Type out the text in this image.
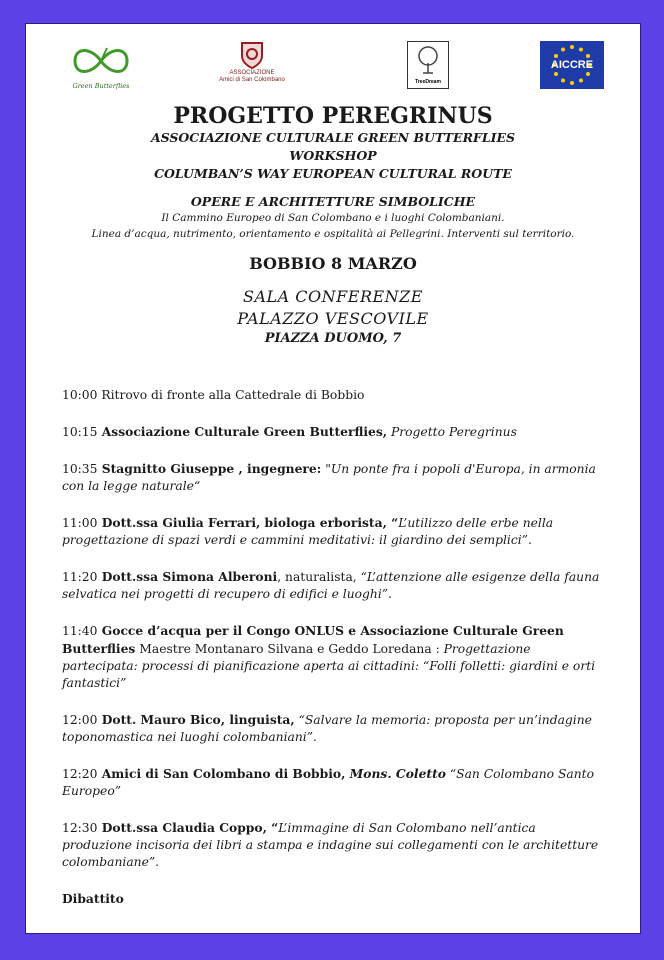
Green Butterflies
ASSOCIAZIONE
Amici di San Colombano	TreeDream
AICCRE
PROGETTO PEREGRINUS
ASSOCIAZIONE CULTURALE GREEN BUTTERFLIES
WORKSHOP
COLUMBAN’S WAY EUROPEAN CULTURAL ROUTE
OPERE E ARCHITETTURE SIMBOLICHE
Il Cammino Europeo di San Colombano e i luoghi Colombaniani.
Linea d’acqua, nutrimento, orientamento e ospitalità ai Pellegrini. Interventi sul territorio.
BOBBIO 8 MARZO
SALA CONFERENZE
PALAZZO VESCOVILE
PIAZZA DUOMO, 7
10:00 Ritrovo di fronte alla Cattedrale di Bobbio
10:15 Associazione Culturale Green Butterflies, Progetto Peregrinus
10:35 Stagnitto Giuseppe , ingegnere: "Un ponte fra i popoli d'Europa, in armonia con la legge naturale“
11:00 Dott.ssa Giulia Ferrari, biologa erborista, “L’utilizzo delle erbe nella progettazione di spazi verdi e cammini meditativi: il giardino dei semplici”.
11:20 Dott.ssa Simona Alberoni, naturalista, “L’attenzione alle esigenze della fauna selvatica nei progetti di recupero di edifici e luoghi”.
11:40 Gocce d’acqua per il Congo ONLUS e Associazione Culturale Green Butterflies Maestre Montanaro Silvana e Geddo Loredana : Progettazione partecipata: processi di pianificazione aperta ai cittadini: “Folli folletti: giardini e orti fantastici”
12:00 Dott. Mauro Bico, linguista, “Salvare la memoria: proposta per un’indagine toponomastica nei luoghi colombaniani”.
12:20 Amici di San Colombano di Bobbio, Mons. Coletto “San Colombano Santo Europeo”
12:30 Dott.ssa Claudia Coppo, “L’immagine di San Colombano nell’antica produzione incisoria dei libri a stampa e indagine sui collegamenti con le architetture colombaniane”.
Dibattito
